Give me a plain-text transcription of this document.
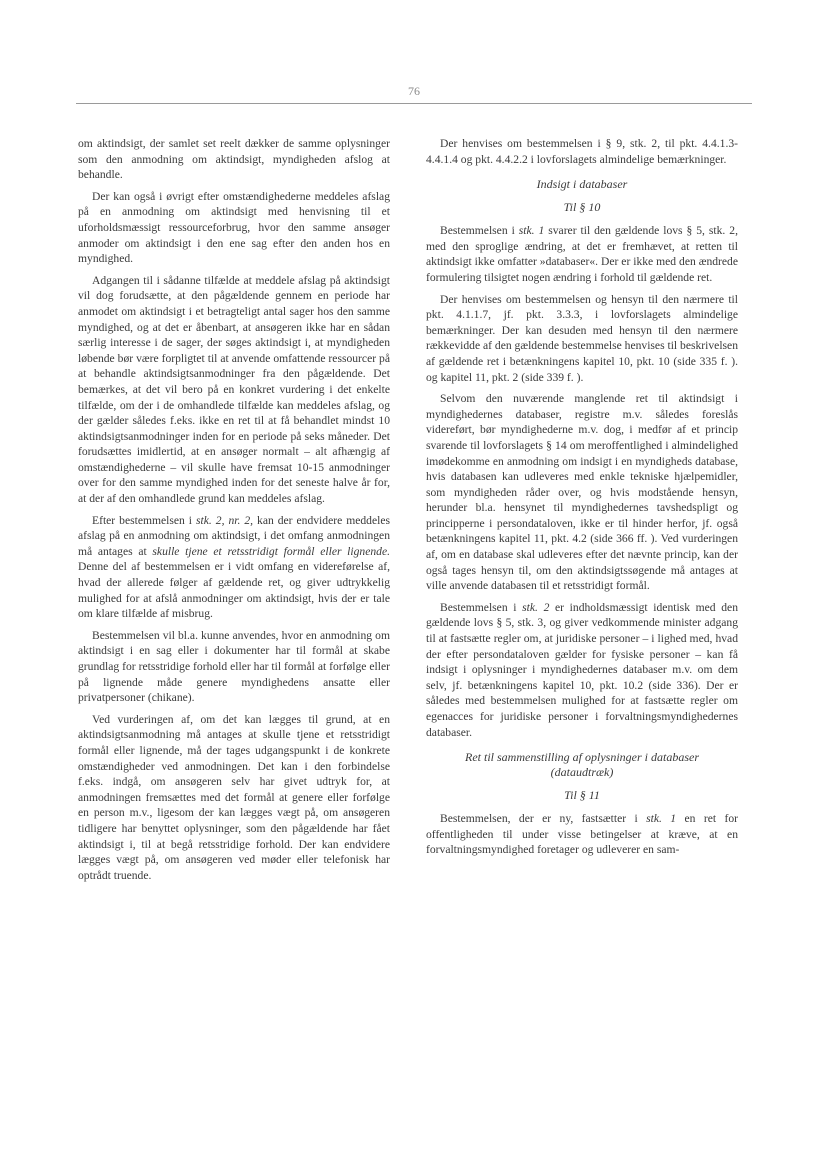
76

om aktindsigt, der samlet set reelt dækker de samme oplysninger som den anmodning om aktindsigt, myndigheden afslog at behandle.

Der kan også i øvrigt efter omstændighederne meddeles afslag på en anmodning om aktindsigt med henvisning til et uforholdsmæssigt ressourceforbrug, hvor den samme ansøger anmoder om aktindsigt i den ene sag efter den anden hos en myndighed.

Adgangen til i sådanne tilfælde at meddele afslag på aktindsigt vil dog forudsætte, at den pågældende gennem en periode har anmodet om aktindsigt i et betragteligt antal sager hos den samme myndighed, og at det er åbenbart, at ansøgeren ikke har en sådan særlig interesse i de sager, der søges aktindsigt i, at myndigheden løbende bør være forpligtet til at anvende omfattende ressourcer på at behandle aktindsigtsanmodninger fra den pågældende. Det bemærkes, at det vil bero på en konkret vurdering i det enkelte tilfælde, om der i de omhandlede tilfælde kan meddeles afslag, og der gælder således f.eks. ikke en ret til at få behandlet mindst 10 aktindsigtsanmodninger inden for en periode på seks måneder. Det forudsættes imidlertid, at en ansøger normalt – alt afhængig af omstændighederne – vil skulle have fremsat 10-15 anmodninger over for den samme myndighed inden for det seneste halve år for, at der af den omhandlede grund kan meddeles afslag.

Efter bestemmelsen i stk. 2, nr. 2, kan der endvidere meddeles afslag på en anmodning om aktindsigt, i det omfang anmodningen må antages at skulle tjene et retsstridigt formål eller lignende. Denne del af bestemmelsen er i vidt omfang en videreførelse af, hvad der allerede følger af gældende ret, og giver udtrykkelig mulighed for at afslå anmodninger om aktindsigt, hvis der er tale om klare tilfælde af misbrug.

Bestemmelsen vil bl.a. kunne anvendes, hvor en anmodning om aktindsigt i en sag eller i dokumenter har til formål at skabe grundlag for retsstridige forhold eller har til formål at forfølge eller på lignende måde genere myndighedens ansatte eller privatpersoner (chikane).

Ved vurderingen af, om det kan lægges til grund, at en aktindsigtsanmodning må antages at skulle tjene et retsstridigt formål eller lignende, må der tages udgangspunkt i de konkrete omstændigheder ved anmodningen. Det kan i den forbindelse f.eks. indgå, om ansøgeren selv har givet udtryk for, at anmodningen fremsættes med det formål at genere eller forfølge en person m.v., ligesom der kan lægges vægt på, om ansøgeren tidligere har benyttet oplysninger, som den pågældende har fået aktindsigt i, til at begå retsstridige forhold. Der kan endvidere lægges vægt på, om ansøgeren ved møder eller telefonisk har optrådt truende.

Der henvises om bestemmelsen i § 9, stk. 2, til pkt. 4.4.1.3-4.4.1.4 og pkt. 4.4.2.2 i lovforslagets almindelige bemærkninger.

Indsigt i databaser
Til § 10

Bestemmelsen i stk. 1 svarer til den gældende lovs § 5, stk. 2, med den sproglige ændring, at det er fremhævet, at retten til aktindsigt ikke omfatter »databaser«. Der er ikke med den ændrede formulering tilsigtet nogen ændring i forhold til gældende ret.

Der henvises om bestemmelsen og hensyn til den nærmere til pkt. 4.1.1.7, jf. pkt. 3.3.3, i lovforslagets almindelige bemærkninger. Der kan desuden med hensyn til den nærmere rækkevidde af den gældende bestemmelse henvises til beskrivelsen af gældende ret i betænkningens kapitel 10, pkt. 10 (side 335 f. ). og kapitel 11, pkt. 2 (side 339 f. ).

Selvom den nuværende manglende ret til aktindsigt i myndighedernes databaser, registre m.v. således foreslås videreført, bør myndighederne m.v. dog, i medfør af et princip svarende til lovforslagets § 14 om meroffentlighed i almindelighed imødekomme en anmodning om indsigt i en myndigheds database, hvis databasen kan udleveres med enkle tekniske hjælpemidler, som myndigheden råder over, og hvis modstående hensyn, herunder bl.a. hensynet til myndighedernes tavshedspligt og principperne i persondataloven, ikke er til hinder herfor, jf. også betænkningens kapitel 11, pkt. 4.2 (side 366 ff. ). Ved vurderingen af, om en database skal udleveres efter det nævnte princip, kan der også tages hensyn til, om den aktindsigtssøgende må antages at ville anvende databasen til et retsstridigt formål.

Bestemmelsen i stk. 2 er indholdsmæssigt identisk med den gældende lovs § 5, stk. 3, og giver vedkommende minister adgang til at fastsætte regler om, at juridiske personer – i lighed med, hvad der efter persondataloven gælder for fysiske personer – kan få indsigt i oplysninger i myndighedernes databaser m.v. om dem selv, jf. betænkningens kapitel 10, pkt. 10.2 (side 336). Der er således med bestemmelsen mulighed for at fastsætte regler om egenacces for juridiske personer i forvaltningsmyndighedernes databaser.

Ret til sammenstilling af oplysninger i databaser
(dataudtræk)
Til § 11

Bestemmelsen, der er ny, fastsætter i stk. 1 en ret for offentligheden til under visse betingelser at kræve, at en forvaltningsmyndighed foretager og udleverer en sam-
